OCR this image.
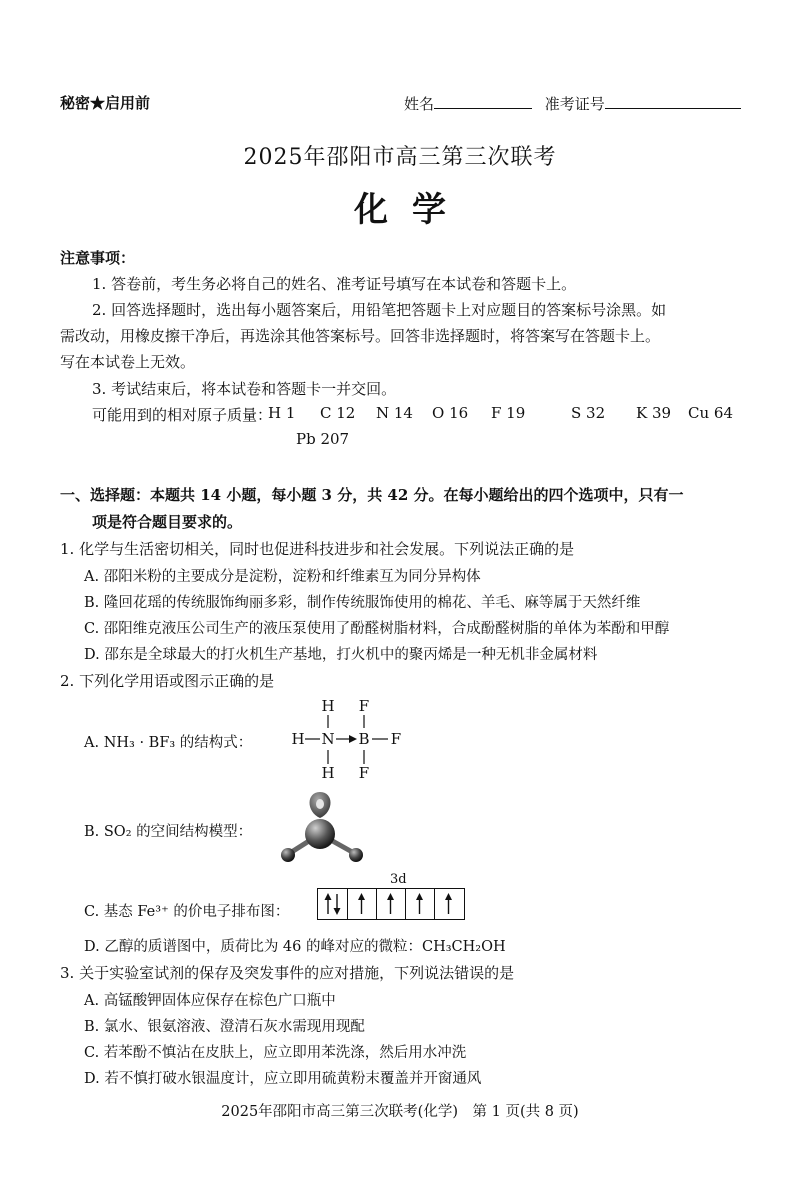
秘密★启用前	姓名	准考证号
2025年邵阳市高三第三次联考
化学
注意事项：
1. 答卷前，考生务必将自己的姓名、准考证号填写在本试卷和答题卡上。
2. 回答选择题时，选出每小题答案后，用铅笔把答题卡上对应题目的答案标号涂黑。如
需改动，用橡皮擦干净后，再选涂其他答案标号。回答非选择题时，将答案写在答题卡上。
写在本试卷上无效。
3. 考试结束后，将本试卷和答题卡一并交回。
可能用到的相对原子质量：
H 1 C 12 N 14 O 16 F 19	S 32 K 39 Cu 64
Pb 207
一、选择题：本题共 14 小题，每小题 3 分，共 42 分。在每小题给出的四个选项中，只有一
项是符合题目要求的。
1. 化学与生活密切相关，同时也促进科技进步和社会发展。下列说法正确的是
A. 邵阳米粉的主要成分是淀粉，淀粉和纤维素互为同分异构体
B. 隆回花瑶的传统服饰绚丽多彩，制作传统服饰使用的棉花、羊毛、麻等属于天然纤维
C. 邵阳维克液压公司生产的液压泵使用了酚醛树脂材料，合成酚醛树脂的单体为苯酚和甲醇
D. 邵东是全球最大的打火机生产基地，打火机中的聚丙烯是一种无机非金属材料
2. 下列化学用语或图示正确的是
A. NH₃ · BF₃ 的结构式：
H F
H N B F
H F
B. SO₂ 的空间结构模型：
C. 基态 Fe³⁺ 的价电子排布图：
3d
D. 乙醇的质谱图中，质荷比为 46 的峰对应的微粒：CH₃CH₂OH
3. 关于实验室试剂的保存及突发事件的应对措施，下列说法错误的是
A. 高锰酸钾固体应保存在棕色广口瓶中
B. 氯水、银氨溶液、澄清石灰水需现用现配
C. 若苯酚不慎沾在皮肤上，应立即用苯洗涤，然后用水冲洗
D. 若不慎打破水银温度计，应立即用硫黄粉末覆盖并开窗通风
2025年邵阳市高三第三次联考(化学)　第 1 页(共 8 页)
